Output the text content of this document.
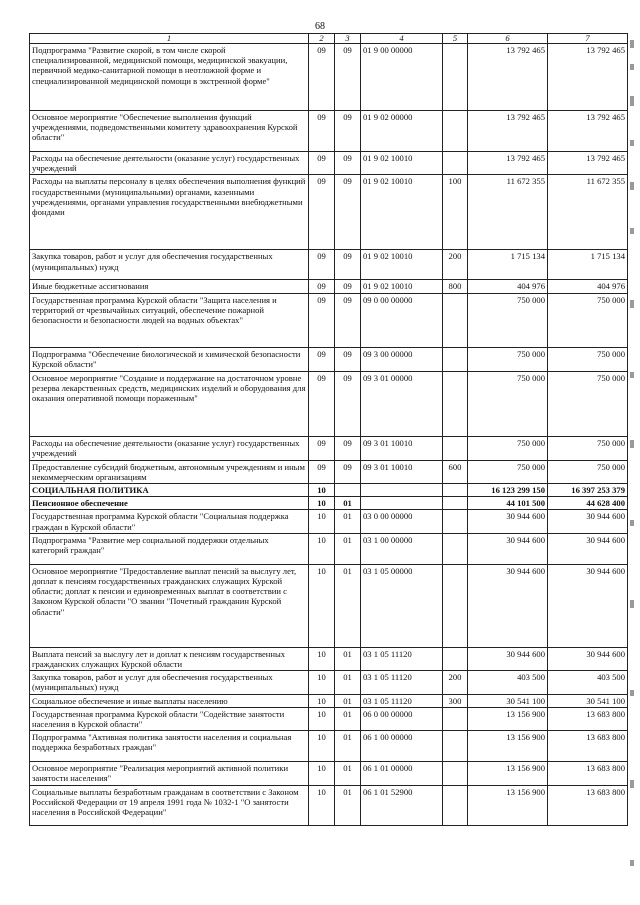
68
1	2	3	4	5	6	7
Подпрограмма "Развитие скорой, в том числе скорой специализированной, медицинской помощи, медицинской эвакуации, первичной медико-санитарной помощи в неотложной форме и специализированной медицинской помощи в экстренной форме"	09	09	01 9 00 00000		13 792 465	13 792 465
Основное мероприятие "Обеспечение выполнения функций учреждениями, подведомственными комитету здравоохранения Курской области"	09	09	01 9 02 00000		13 792 465	13 792 465
Расходы на обеспечение деятельности (оказание услуг) государственных учреждений	09	09	01 9 02 10010		13 792 465	13 792 465
Расходы на выплаты персоналу в целях обеспечения выполнения функций государственными (муниципальными) органами, казенными учреждениями, органами управления государственными внебюджетными фондами	09	09	01 9 02 10010	100	11 672 355	11 672 355
Закупка товаров, работ и услуг для обеспечения государственных (муниципальных) нужд	09	09	01 9 02 10010	200	1 715 134	1 715 134
Иные бюджетные ассигнования	09	09	01 9 02 10010	800	404 976	404 976
Государственная программа Курской области "Защита населения и территорий от чрезвычайных ситуаций, обеспечение пожарной безопасности и безопасности людей на водных объектах"	09	09	09 0 00 00000		750 000	750 000
Подпрограмма "Обеспечение биологической и химической безопасности Курской области"	09	09	09 3 00 00000		750 000	750 000
Основное мероприятие "Создание и поддержание на достаточном уровне резерва лекарственных средств, медицинских изделий и оборудования для оказания оперативной помощи пораженным"	09	09	09 3 01 00000		750 000	750 000
Расходы на обеспечение деятельности (оказание услуг) государственных учреждений	09	09	09 3 01 10010		750 000	750 000
Предоставление субсидий бюджетным, автономным учреждениям и иным некоммерческим организациям	09	09	09 3 01 10010	600	750 000	750 000
СОЦИАЛЬНАЯ ПОЛИТИКА	10				16 123 299 150	16 397 253 379
Пенсионное обеспечение	10	01			44 101 500	44 628 400
Государственная программа Курской области "Социальная поддержка граждан в Курской области"	10	01	03 0 00 00000		30 944 600	30 944 600
Подпрограмма "Развитие мер социальной поддержки отдельных категорий граждан"	10	01	03 1 00 00000		30 944 600	30 944 600
Основное мероприятие "Предоставление выплат пенсий за выслугу лет, доплат к пенсиям государственных гражданских служащих Курской области; доплат к пенсии и единовременных выплат в соответствии с Законом Курской области "О звании "Почетный гражданин Курской области"	10	01	03 1 05 00000		30 944 600	30 944 600
Выплата пенсий за выслугу лет и доплат к пенсиям государственных гражданских служащих Курской области	10	01	03 1 05 11120		30 944 600	30 944 600
Закупка товаров, работ и услуг для обеспечения государственных (муниципальных) нужд	10	01	03 1 05 11120	200	403 500	403 500
Социальное обеспечение и иные выплаты населению	10	01	03 1 05 11120	300	30 541 100	30 541 100
Государственная программа Курской области "Содействие занятости населения в Курской области"	10	01	06 0 00 00000		13 156 900	13 683 800
Подпрограмма "Активная политика занятости населения и социальная поддержка безработных граждан"	10	01	06 1 00 00000		13 156 900	13 683 800
Основное мероприятие "Реализация мероприятий активной политики занятости населения"	10	01	06 1 01 00000		13 156 900	13 683 800
Социальные выплаты безработным гражданам в соответствии с Законом Российской Федерации от 19 апреля 1991 года № 1032-1 "О занятости населения в Российской Федерации"	10	01	06 1 01 52900		13 156 900	13 683 800
